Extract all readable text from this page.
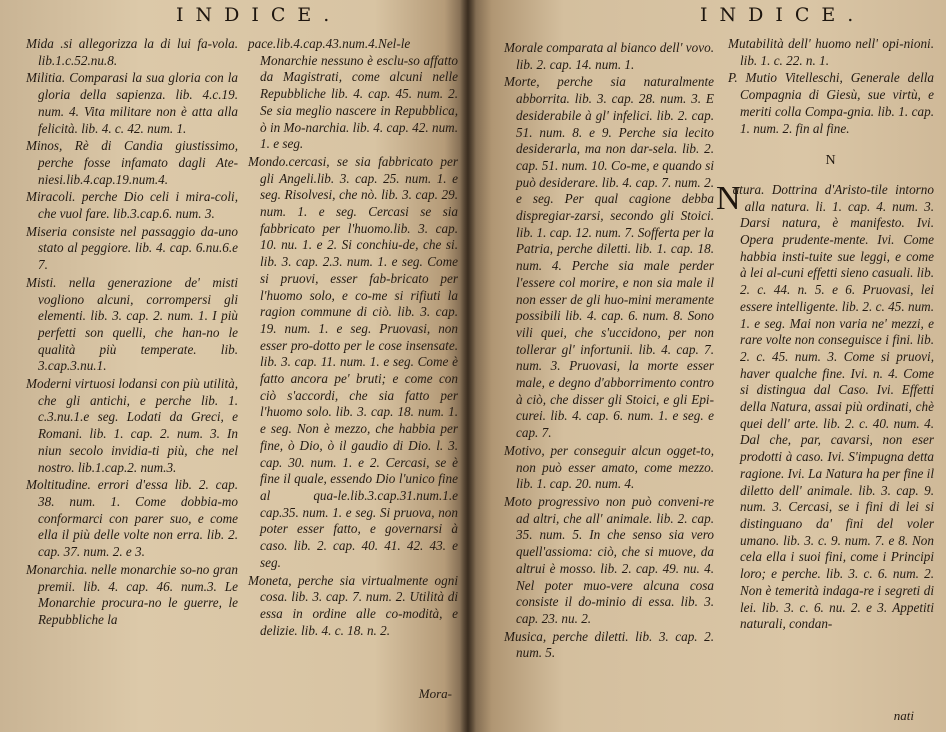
INDICE.

Mida .si allegorizza la di lui fa-vola. lib.1.c.52.nu.8.

Militia. Comparasi la sua gloria con la gloria della sapienza. lib. 4.c.19. num. 4. Vita militare non è atta alla felicità. lib. 4. c. 42. num. 1.

Minos, Rè di Candia giustissimo, perche fosse infamato dagli Ate-niesi.lib.4.cap.19.num.4.

Miracoli. perche Dio celi i mira-coli, che vuol fare. lib.3.cap.6. num. 3.

Miseria consiste nel passaggio da-uno stato al peggiore. lib. 4. cap. 6.nu.6.e 7.

Misti. nella generazione de' misti vogliono alcuni, corrompersi gli elementi. lib. 3. cap. 2. num. 1. I più perfetti son quelli, che han-no le qualità più temperate. lib. 3.cap.3.nu.1.

Moderni virtuosi lodansi con più utilità, che gli antichi, e perche lib. 1. c.3.nu.1.e seg. Lodati da Greci, e Romani. lib. 1. cap. 2. num. 3. In niun secolo invidia-ti più, che nel nostro. lib.1.cap.2. num.3.

Moltitudine. errori d'essa lib. 2. cap. 38. num. 1. Come dobbia-mo conformarci con parer suo, e come ella il più delle volte non erra. lib. 2. cap. 37. num. 2. e 3.

Monarchia. nelle monarchie so-no gran premii. lib. 4. cap. 46. num.3. Le Monarchie procura-no le guerre, le Repubbliche la

pace.lib.4.cap.43.num.4.Nel-le Monarchie nessuno è esclu-so affatto da Magistrati, come alcuni nelle Repubbliche lib. 4. cap. 45. num. 2. Se sia meglio nascere in Repubblica, ò in Mo-narchia. lib. 4. cap. 42. num. 1. e seg.

Mondo.cercasi, se sia fabbricato per gli Angeli.lib. 3. cap. 25. num. 1. e seg. Risolvesi, che nò. lib. 3. cap. 29. num. 1. e seg. Cercasi se sia fabbricato per l'huomo.lib. 3. cap. 10. nu. 1. e 2. Si conchiu-de, che si. lib. 3. cap. 2.3. num. 1. e seg. Come si pruovi, esser fab-bricato per l'huomo solo, e co-me si rifiuti la ragion commune di ciò. lib. 3. cap. 19. num. 1. e seg. Pruovasi, non esser pro-dotto per le cose insensate. lib. 3. cap. 11. num. 1. e seg. Come è fatto ancora pe' bruti; e come con ciò s'accordi, che sia fatto per l'huomo solo. lib. 3. cap. 18. num. 1. e seg. Non è mezzo, che habbia per fine, ò Dio, ò il gaudio di Dio. l. 3. cap. 30. num. 1. e 2. Cercasi, se è fine il quale, essendo Dio l'unico fine al qua-le.lib.3.cap.31.num.1.e cap.35. num. 1. e seg. Si pruova, non poter esser fatto, e governarsi à caso. lib. 2. cap. 40. 41. 42. 43. e seg.

Moneta, perche sia virtualmente ogni cosa. lib. 3. cap. 7. num. 2. Utilità di essa in ordine alle co-modità, e delizie. lib. 4. c. 18. n. 2.

Mora-
INDICE.

Morale comparata al bianco dell' vovo. lib. 2. cap. 14. num. 1.

Morte, perche sia naturalmente abborrita. lib. 3. cap. 28. num. 3. E desiderabile à gl' infelici. lib. 2. cap. 51. num. 8. e 9. Perche sia lecito desiderarla, ma non dar-sela. lib. 2. cap. 51. num. 10. Co-me, e quando si può desiderare. lib. 4. cap. 7. num. 2. e seg. Per qual cagione debba dispregiar-zarsi, secondo gli Stoici. lib. 1. cap. 12. num. 7. Sofferta per la Patria, perche diletti. lib. 1. cap. 18. num. 4. Perche sia male perder l'essere col morire, e non sia male il non esser de gli huo-mini meramente possibili lib. 4. cap. 6. num. 8. Sono vili quei, che s'uccidono, per non tollerar gl' infortunii. lib. 4. cap. 7. num. 3. Pruovasi, la morte esser male, e degno d'abborrimento contro à ciò, che disser gli Stoici, e gli Epi-curei. lib. 4. cap. 6. num. 1. e seg. e cap. 7.

Motivo, per conseguir alcun ogget-to, non può esser amato, come mezzo. lib. 1. cap. 20. num. 4.

Moto progressivo non può conveni-re ad altri, che all' animale. lib. 2. cap. 35. num. 5. In che senso sia vero quell'assioma: ciò, che si muove, da altrui è mosso. lib. 2. cap. 49. nu. 4. Nel poter muo-vere alcuna cosa consiste il do-minio di essa. lib. 3. cap. 23. nu. 2.

Musica, perche diletti. lib. 3. cap. 2. num. 5.

Mutabilità dell' huomo nell' opi-nioni. lib. 1. c. 22. n. 1.

P. Mutio Vitelleschi, Generale della Compagnia di Giesù, sue virtù, e meriti colla Compa-gnia. lib. 1. cap. 1. num. 2. fin al fine.

N

N
atura. Dottrina d'Aristo-tile intorno alla natura. li. 1. cap. 4. num. 3. Darsi natura, è manifesto. Ivi. Opera prudente-mente. Ivi. Come habbia insti-tuite sue leggi, e come à lei al-cuni effetti sieno casuali. lib. 2. c. 44. n. 5. e 6. Pruovasi, lei essere intelligente. lib. 2. c. 45. num. 1. e seg. Mai non varia ne' mezzi, e rare volte non conseguisce i fini. lib. 2. c. 45. num. 3. Come si pruovi, haver qualche fine. Ivi. n. 4. Come si distingua dal Caso. Ivi. Effetti della Natura, assai più ordinati, chè quei dell' arte. lib. 2. c. 40. num. 4. Dal che, par, cavarsi, non eser prodotti à caso. Ivi. S'impugna detta ragione. Ivi. La Natura ha per fine il diletto dell' animale. lib. 3. cap. 9. num. 3. Cercasi, se i fini di lei si distinguano da' fini del voler umano. lib. 3. c. 9. num. 7. e 8. Non cela ella i suoi fini, come i Principi loro; e perche. lib. 3. c. 6. num. 2. Non è temerità indaga-re i segreti di lei. lib. 3. c. 6. nu. 2. e 3. Appetiti naturali, condan-

nati
